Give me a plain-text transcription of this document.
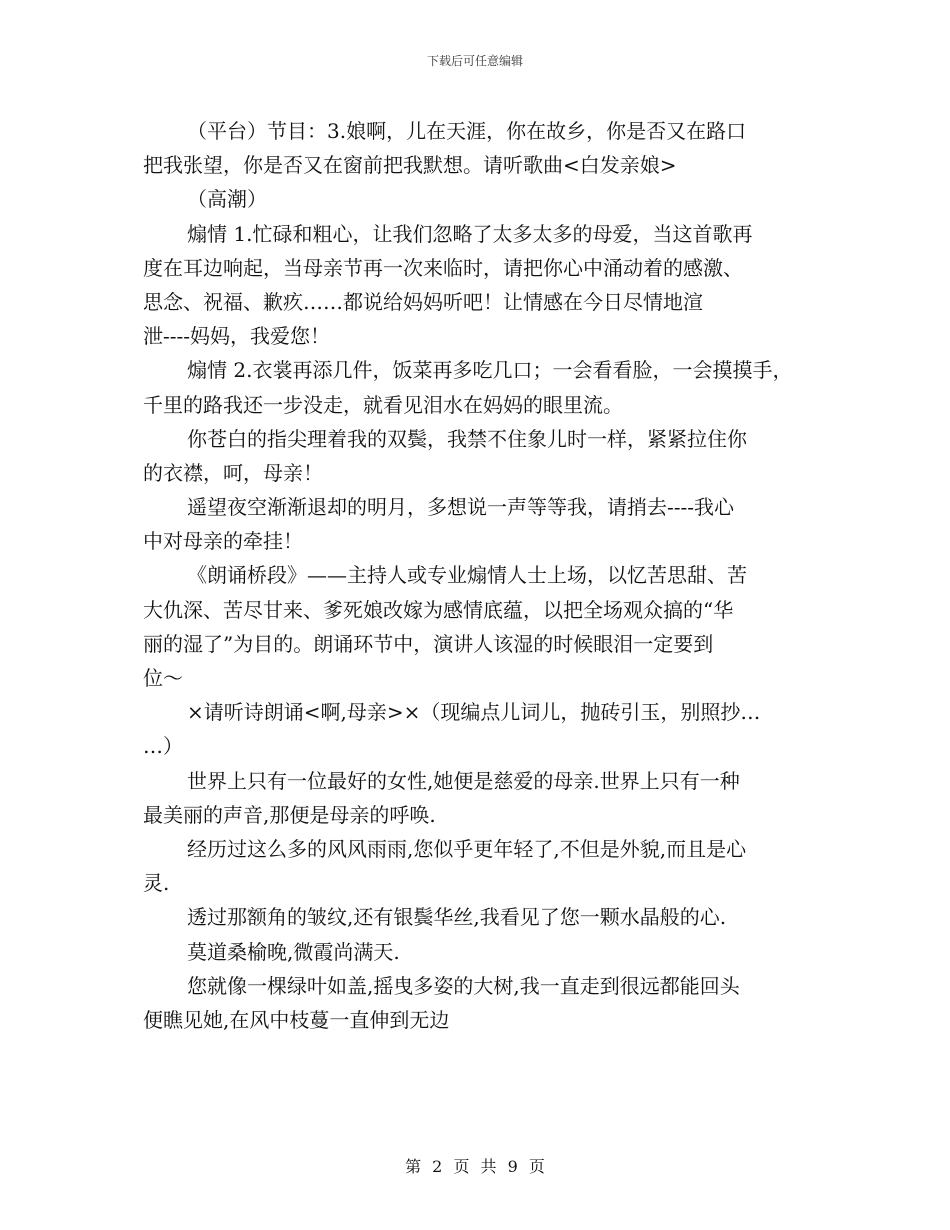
下载后可任意编辑

（平台）节目：3.娘啊，儿在天涯，你在故乡，你是否又在路口

把我张望，你是否又在窗前把我默想。请听歌曲<白发亲娘>

（高潮）

煽情 1.忙碌和粗心，让我们忽略了太多太多的母爱，当这首歌再

度在耳边响起，当母亲节再一次来临时，请把你心中涌动着的感激、

思念、祝福、歉疚……都说给妈妈听吧！让情感在今日尽情地渲

泄----妈妈，我爱您！

煽情 2.衣裳再添几件，饭菜再多吃几口；一会看看脸，一会摸摸手，

千里的路我还一步没走，就看见泪水在妈妈的眼里流。

你苍白的指尖理着我的双鬓，我禁不住象儿时一样，紧紧拉住你

的衣襟，呵，母亲！

遥望夜空渐渐退却的明月，多想说一声等等我，请捎去----我心

中对母亲的牵挂！

《朗诵桥段》——主持人或专业煽情人士上场，以忆苦思甜、苦

大仇深、苦尽甘来、爹死娘改嫁为感情底蕴，以把全场观众搞的“华

丽的湿了”为目的。朗诵环节中，演讲人该湿的时候眼泪一定要到

位～

×请听诗朗诵<啊,母亲>×（现编点儿词儿，抛砖引玉，别照抄…

…）

世界上只有一位最好的女性,她便是慈爱的母亲.世界上只有一种

最美丽的声音,那便是母亲的呼唤.

经历过这么多的风风雨雨,您似乎更年轻了,不但是外貌,而且是心

灵.

透过那额角的皱纹,还有银鬓华丝,我看见了您一颗水晶般的心.

莫道桑榆晚,微霞尚满天.

您就像一棵绿叶如盖,摇曳多姿的大树,我一直走到很远都能回头

便瞧见她,在风中枝蔓一直伸到无边

第 2 页 共 9 页
